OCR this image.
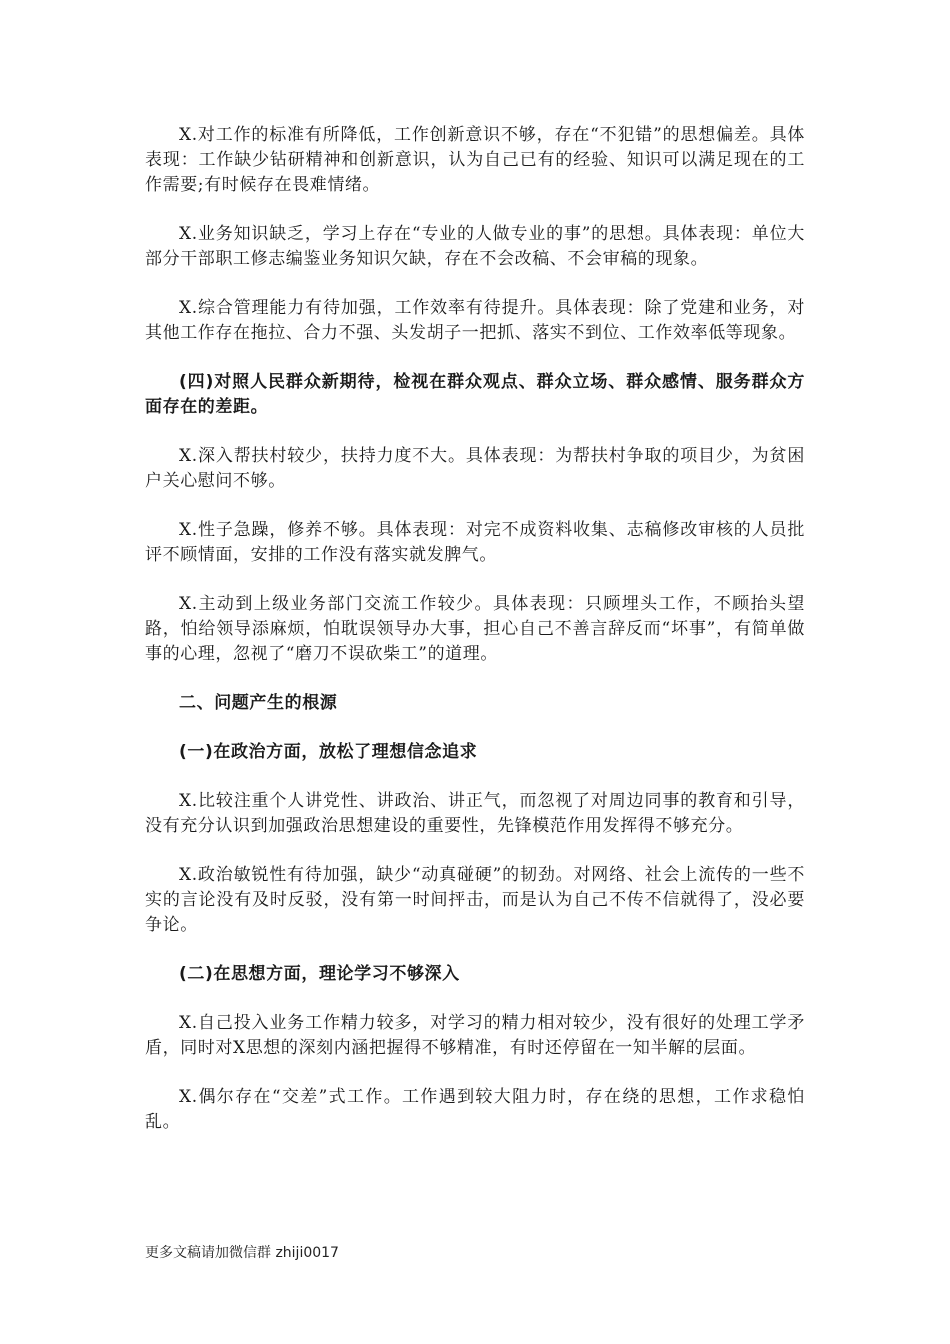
X.对工作的标准有所降低，工作创新意识不够，存在“不犯错”的思想偏差。具体表现：工作缺少钻研精神和创新意识，认为自己已有的经验、知识可以满足现在的工作需要;有时候存在畏难情绪。

X.业务知识缺乏，学习上存在“专业的人做专业的事”的思想。具体表现：单位大部分干部职工修志编鉴业务知识欠缺，存在不会改稿、不会审稿的现象。

X.综合管理能力有待加强，工作效率有待提升。具体表现：除了党建和业务，对其他工作存在拖拉、合力不强、头发胡子一把抓、落实不到位、工作效率低等现象。

(四)对照人民群众新期待，检视在群众观点、群众立场、群众感情、服务群众方面存在的差距。

X.深入帮扶村较少，扶持力度不大。具体表现：为帮扶村争取的项目少，为贫困户关心慰问不够。

X.性子急躁，修养不够。具体表现：对完不成资料收集、志稿修改审核的人员批评不顾情面，安排的工作没有落实就发脾气。

X.主动到上级业务部门交流工作较少。具体表现：只顾埋头工作，不顾抬头望路，怕给领导添麻烦，怕耽误领导办大事，担心自己不善言辞反而“坏事”，有简单做事的心理，忽视了“磨刀不误砍柴工”的道理。

二、问题产生的根源

(一)在政治方面，放松了理想信念追求

X.比较注重个人讲党性、讲政治、讲正气，而忽视了对周边同事的教育和引导，没有充分认识到加强政治思想建设的重要性，先锋模范作用发挥得不够充分。

X.政治敏锐性有待加强，缺少“动真碰硬”的韧劲。对网络、社会上流传的一些不实的言论没有及时反驳，没有第一时间抨击，而是认为自己不传不信就得了，没必要争论。

(二)在思想方面，理论学习不够深入

X.自己投入业务工作精力较多，对学习的精力相对较少，没有很好的处理工学矛盾，同时对X思想的深刻内涵把握得不够精准，有时还停留在一知半解的层面。

X.偶尔存在“交差”式工作。工作遇到较大阻力时，存在绕的思想，工作求稳怕乱。

更多文稿请加微信群 zhiji0017
